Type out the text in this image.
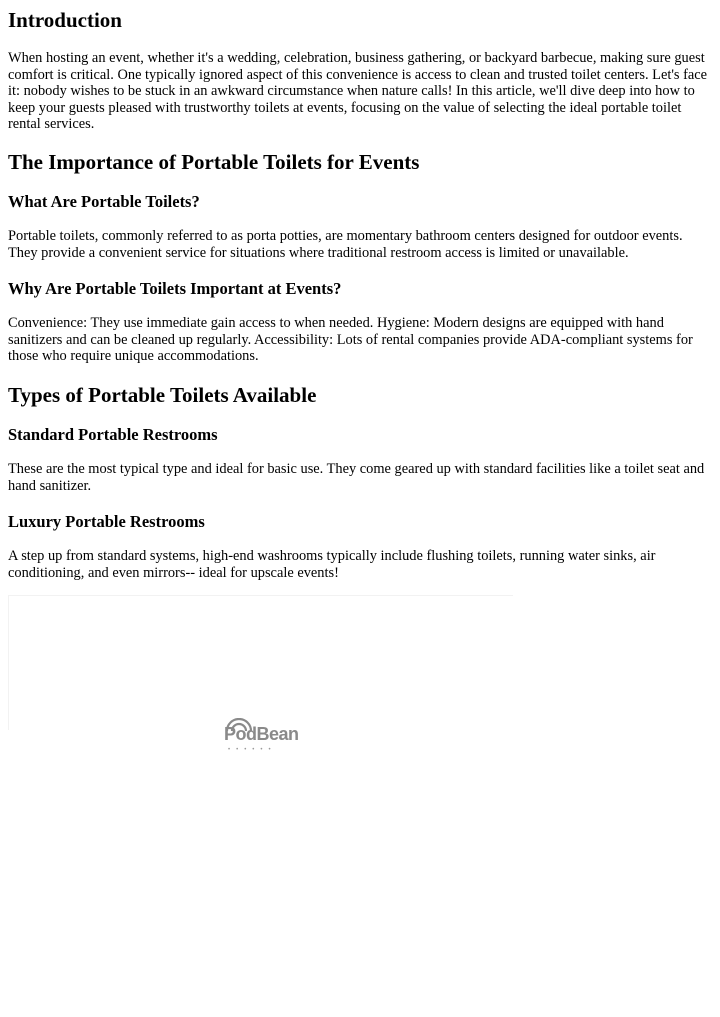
Introduction

When hosting an event, whether it's a wedding, celebration, business gathering, or backyard barbecue, making sure guest comfort is critical. One typically ignored aspect of this convenience is access to clean and trusted toilet centers. Let's face it: nobody wishes to be stuck in an awkward circumstance when nature calls! In this article, we'll dive deep into how to keep your guests pleased with trustworthy toilets at events, focusing on the value of selecting the ideal portable toilet rental services.

The Importance of Portable Toilets for Events
What Are Portable Toilets?

Portable toilets, commonly referred to as porta potties, are momentary bathroom centers designed for outdoor events. They provide a convenient service for situations where traditional restroom access is limited or unavailable.

Why Are Portable Toilets Important at Events?

Convenience: They use immediate gain access to when needed. Hygiene: Modern designs are equipped with hand sanitizers and can be cleaned up regularly. Accessibility: Lots of rental companies provide ADA-compliant systems for those who require unique accommodations.

Types of Portable Toilets Available
Standard Portable Restrooms

These are the most typical type and ideal for basic use. They come geared up with standard facilities like a toilet seat and hand sanitizer.

Luxury Portable Restrooms

A step up from standard systems, high-end washrooms typically include flushing toilets, running water sinks, air conditioning, and even mirrors-- ideal for upscale events!

PodBean
••••••
